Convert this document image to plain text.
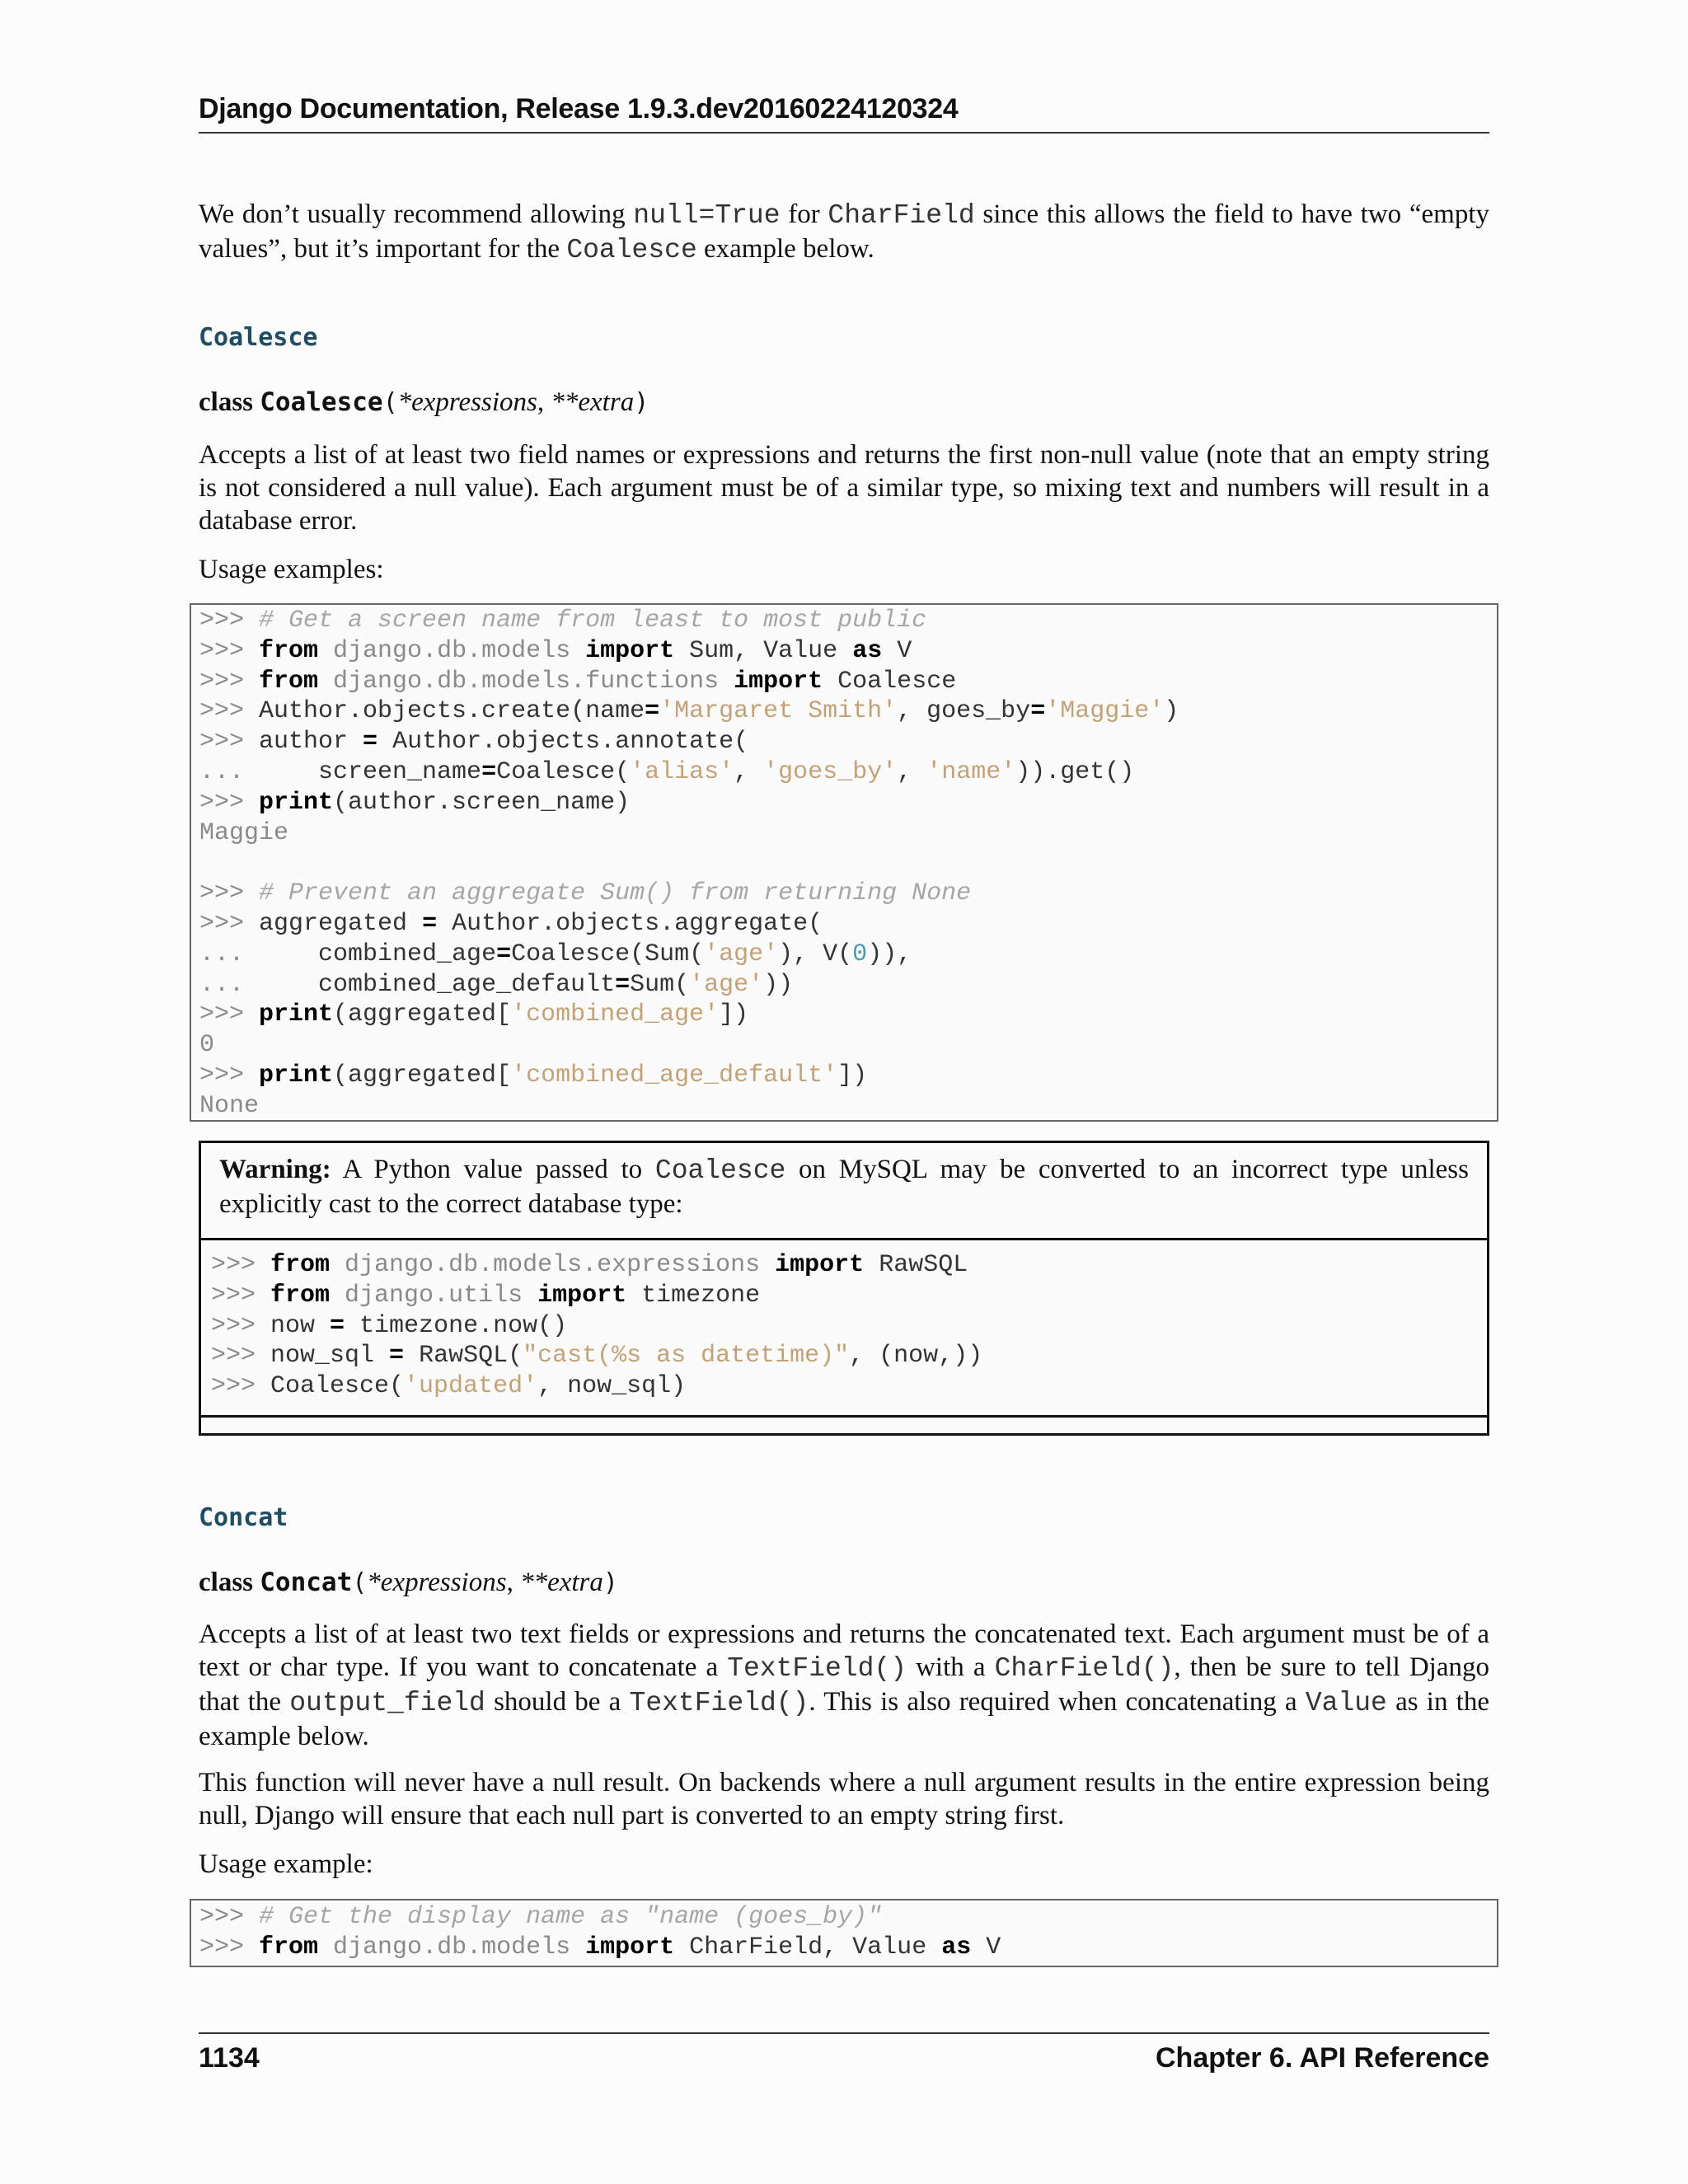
Django Documentation, Release 1.9.3.dev20160224120324

We don’t usually recommend allowing null=True for CharField since this allows the field to have two “empty values”, but it’s important for the Coalesce example below.

Coalesce
class Coalesce(*expressions, **extra)

Accepts a list of at least two field names or expressions and returns the first non-null value (note that an empty string is not considered a null value). Each argument must be of a similar type, so mixing text and numbers will result in a database error.

Usage examples:

>>> # Get a screen name from least to most public
>>> from django.db.models import Sum, Value as V
>>> from django.db.models.functions import Coalesce
>>> Author.objects.create(name='Margaret Smith', goes_by='Maggie')
>>> author = Author.objects.annotate(
...     screen_name=Coalesce('alias', 'goes_by', 'name')).get()
>>> print(author.screen_name)
Maggie

>>> # Prevent an aggregate Sum() from returning None
>>> aggregated = Author.objects.aggregate(
...     combined_age=Coalesce(Sum('age'), V(0)),
...     combined_age_default=Sum('age'))
>>> print(aggregated['combined_age'])
0
>>> print(aggregated['combined_age_default'])
None
Warning: A Python value passed to Coalesce on MySQL may be converted to an incorrect type unless explicitly cast to the correct database type:
>>> from django.db.models.expressions import RawSQL
>>> from django.utils import timezone
>>> now = timezone.now()
>>> now_sql = RawSQL("cast(%s as datetime)", (now,))
>>> Coalesce('updated', now_sql)
Concat
class Concat(*expressions, **extra)

Accepts a list of at least two text fields or expressions and returns the concatenated text. Each argument must be of a text or char type. If you want to concatenate a TextField() with a CharField(), then be sure to tell Django that the output_field should be a TextField(). This is also required when concatenating a Value as in the example below.

This function will never have a null result. On backends where a null argument results in the entire expression being null, Django will ensure that each null part is converted to an empty string first.

Usage example:

>>> # Get the display name as "name (goes_by)"
>>> from django.db.models import CharField, Value as V
1134	Chapter 6. API Reference
